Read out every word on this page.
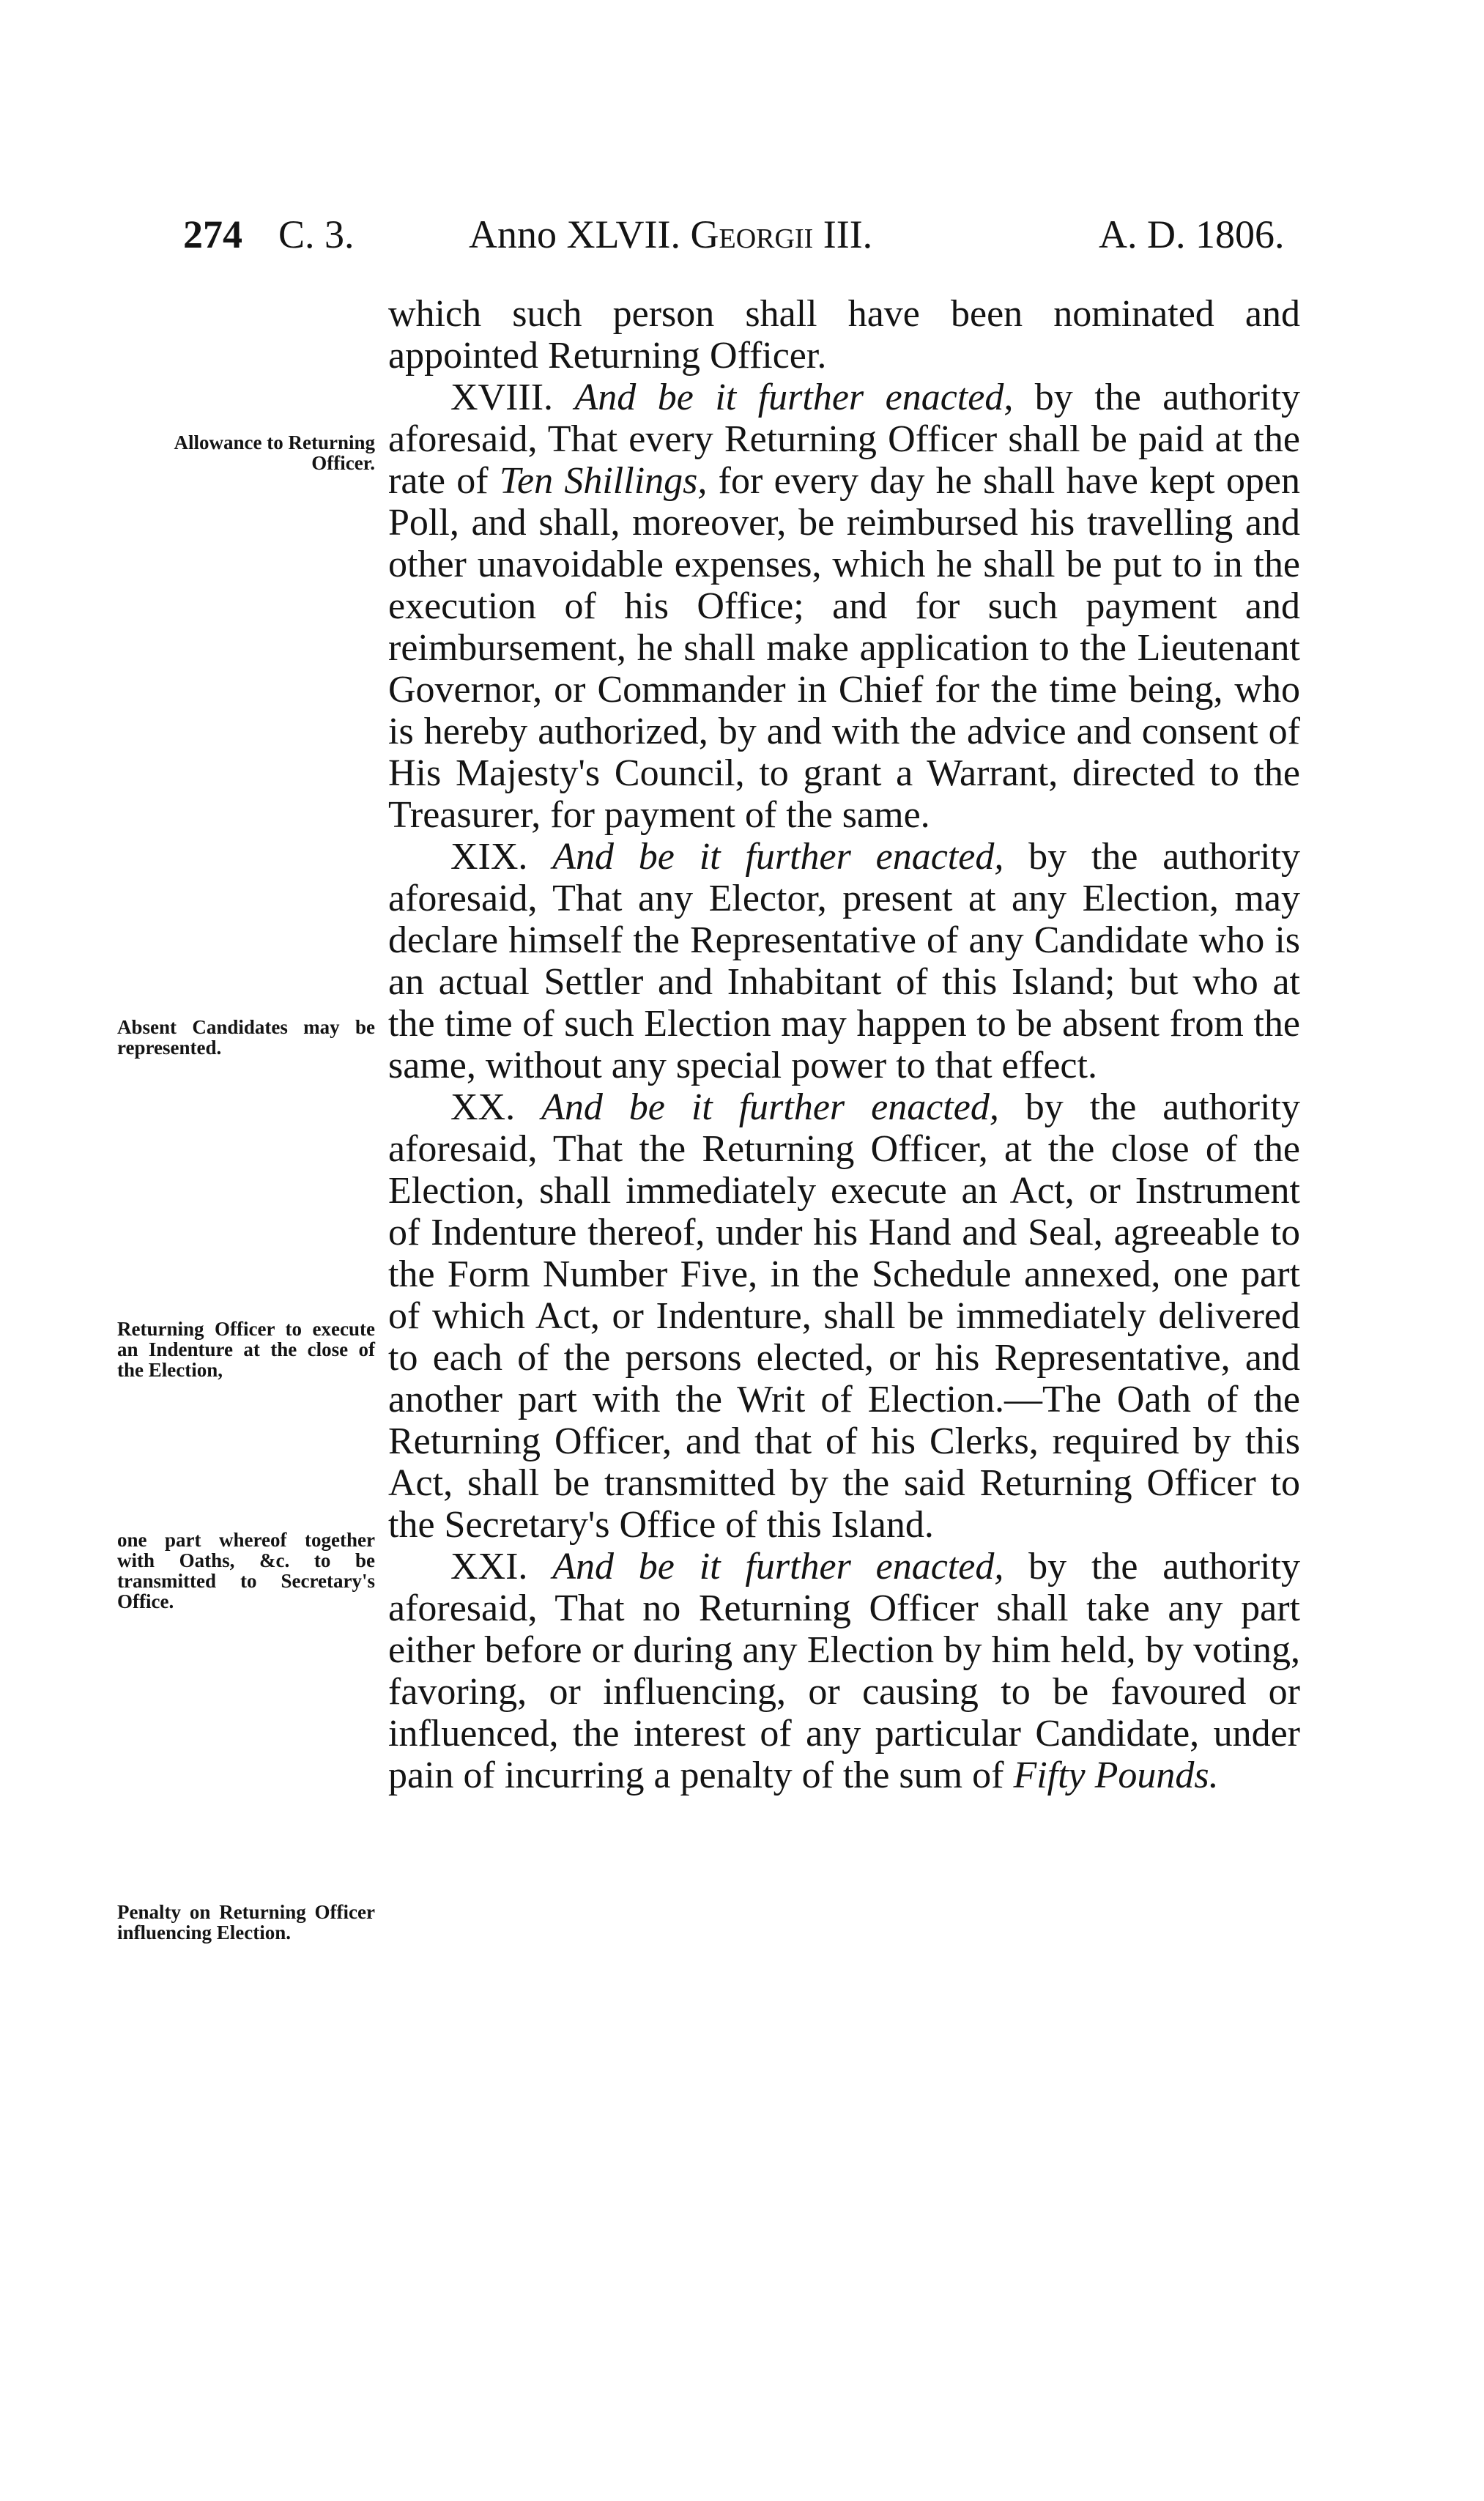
274 C. 3.	Anno XLVII. Georgii III.	A. D. 1806.
Allowance to Returning Officer.
Absent Candidates may be represented.
Returning Officer to execute an Indenture at the close of the Election,
one part whereof together with Oaths, &c. to be transmitted to Secretary's Office.
Penalty on Returning Officer influencing Election.

which such person shall have been nominated and appointed Returning Officer.

XVIII. And be it further enacted, by the authority aforesaid, That every Returning Officer shall be paid at the rate of Ten Shillings, for every day he shall have kept open Poll, and shall, moreover, be reimbursed his travelling and other unavoidable expenses, which he shall be put to in the execution of his Office; and for such payment and reimbursement, he shall make application to the Lieutenant Governor, or Commander in Chief for the time being, who is hereby authorized, by and with the advice and consent of His Majesty's Council, to grant a Warrant, directed to the Treasurer, for payment of the same.

XIX. And be it further enacted, by the authority aforesaid, That any Elector, present at any Election, may declare himself the Representative of any Candidate who is an actual Settler and Inhabitant of this Island; but who at the time of such Election may happen to be absent from the same, without any special power to that effect.

XX. And be it further enacted, by the authority aforesaid, That the Returning Officer, at the close of the Election, shall immediately execute an Act, or Instrument of Indenture thereof, under his Hand and Seal, agreeable to the Form Number Five, in the Schedule annexed, one part of which Act, or Indenture, shall be immediately delivered to each of the persons elected, or his Representative, and another part with the Writ of Election.—The Oath of the Returning Officer, and that of his Clerks, required by this Act, shall be transmitted by the said Returning Officer to the Secretary's Office of this Island.

XXI. And be it further enacted, by the authority aforesaid, That no Returning Officer shall take any part either before or during any Election by him held, by voting, favoring, or influencing, or causing to be favoured or influenced, the interest of any particular Candidate, under pain of incurring a penalty of the sum of Fifty Pounds.
